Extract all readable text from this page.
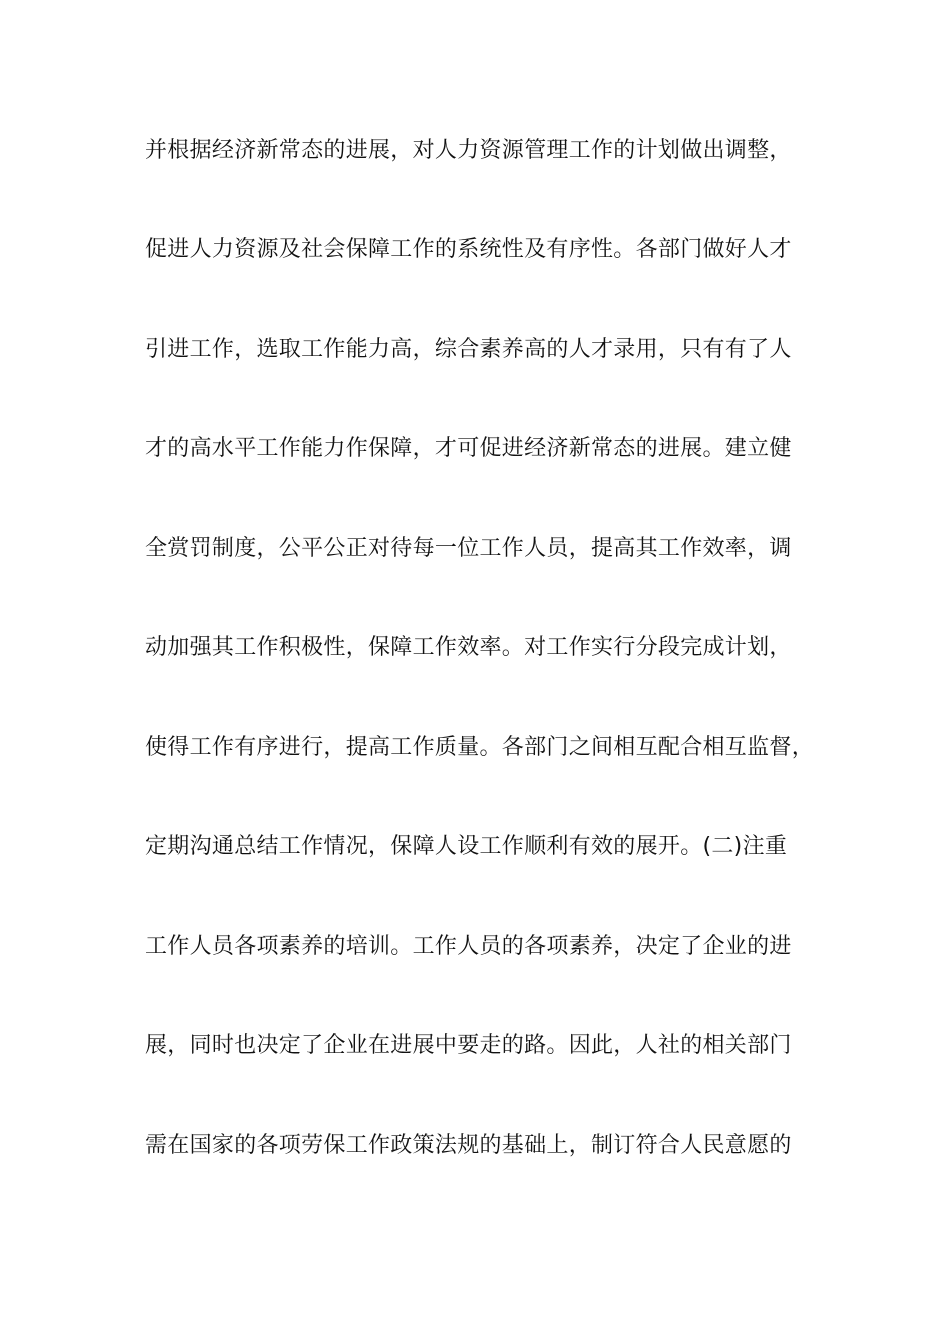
并根据经济新常态的进展，对人力资源管理工作的计划做出调整，
促进人力资源及社会保障工作的系统性及有序性。各部门做好人才
引进工作，选取工作能力高，综合素养高的人才录用，只有有了人
才的高水平工作能力作保障，才可促进经济新常态的进展。建立健
全赏罚制度，公平公正对待每一位工作人员，提高其工作效率，调
动加强其工作积极性，保障工作效率。对工作实行分段完成计划，
使得工作有序进行，提高工作质量。各部门之间相互配合相互监督，
定期沟通总结工作情况，保障人设工作顺利有效的展开。(二)注重
工作人员各项素养的培训。工作人员的各项素养，决定了企业的进
展，同时也决定了企业在进展中要走的路。因此，人社的相关部门
需在国家的各项劳保工作政策法规的基础上，制订符合人民意愿的
